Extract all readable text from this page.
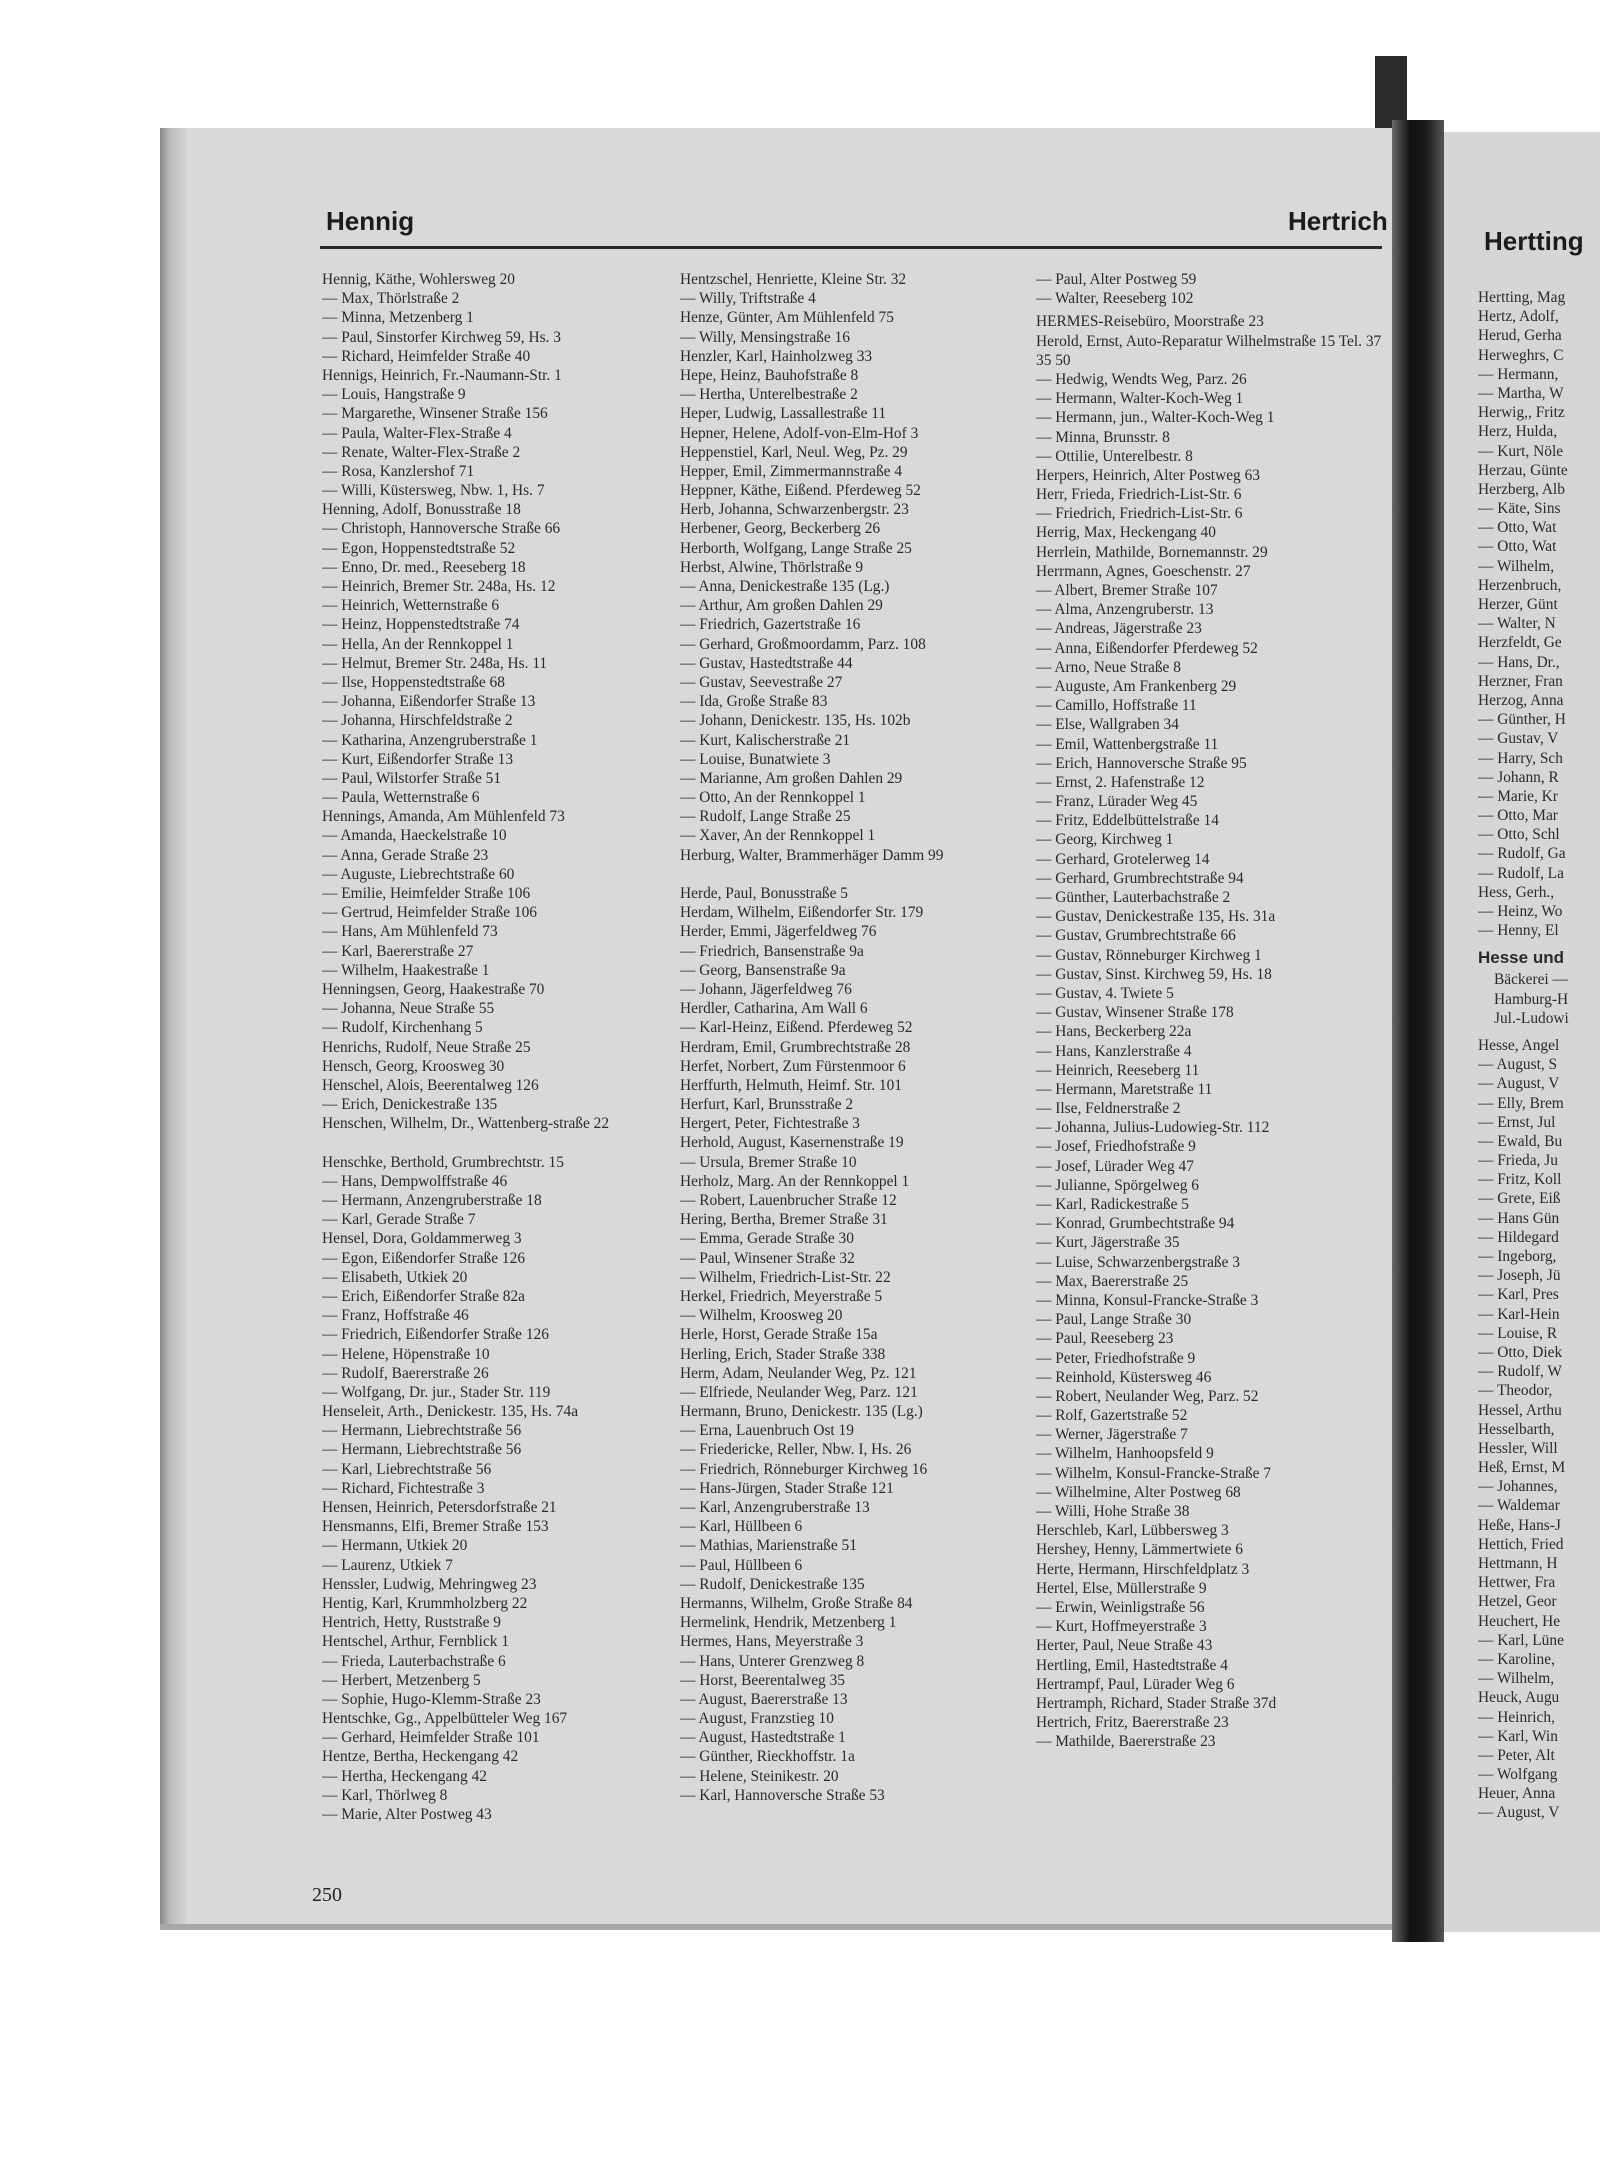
Hennig	Hertrich
Hertting
Hennig, Käthe, Wohlersweg 20
— Max, Thörlstraße 2
— Minna, Metzenberg 1
— Paul, Sinstorfer Kirchweg 59, Hs. 3
— Richard, Heimfelder Straße 40
Hennigs, Heinrich, Fr.-Naumann-Str. 1
— Louis, Hangstraße 9
— Margarethe, Winsener Straße 156
— Paula, Walter-Flex-Straße 4
— Renate, Walter-Flex-Straße 2
— Rosa, Kanzlershof 71
— Willi, Küstersweg, Nbw. 1, Hs. 7
Henning, Adolf, Bonusstraße 18
— Christoph, Hannoversche Straße 66
— Egon, Hoppenstedtstraße 52
— Enno, Dr. med., Reeseberg 18
— Heinrich, Bremer Str. 248a, Hs. 12
— Heinrich, Wetternstraße 6
— Heinz, Hoppenstedtstraße 74
— Hella, An der Rennkoppel 1
— Helmut, Bremer Str. 248a, Hs. 11
— Ilse, Hoppenstedtstraße 68
— Johanna, Eißendorfer Straße 13
— Johanna, Hirschfeldstraße 2
— Katharina, Anzengruberstraße 1
— Kurt, Eißendorfer Straße 13
— Paul, Wilstorfer Straße 51
— Paula, Wetternstraße 6
Hennings, Amanda, Am Mühlenfeld 73
— Amanda, Haeckelstraße 10
— Anna, Gerade Straße 23
— Auguste, Liebrechtstraße 60
— Emilie, Heimfelder Straße 106
— Gertrud, Heimfelder Straße 106
— Hans, Am Mühlenfeld 73
— Karl, Baererstraße 27
— Wilhelm, Haakestraße 1
Henningsen, Georg, Haakestraße 70
— Johanna, Neue Straße 55
— Rudolf, Kirchenhang 5
Henrichs, Rudolf, Neue Straße 25
Hensch, Georg, Kroosweg 30
Henschel, Alois, Beerentalweg 126
— Erich, Denickestraße 135
Henschen, Wilhelm, Dr., Wattenberg-straße 22
Henschke, Berthold, Grumbrechtstr. 15
— Hans, Dempwolffstraße 46
— Hermann, Anzengruberstraße 18
— Karl, Gerade Straße 7
Hensel, Dora, Goldammerweg 3
— Egon, Eißendorfer Straße 126
— Elisabeth, Utkiek 20
— Erich, Eißendorfer Straße 82a
— Franz, Hoffstraße 46
— Friedrich, Eißendorfer Straße 126
— Helene, Höpenstraße 10
— Rudolf, Baererstraße 26
— Wolfgang, Dr. jur., Stader Str. 119
Henseleit, Arth., Denickestr. 135, Hs. 74a
— Hermann, Liebrechtstraße 56
— Hermann, Liebrechtstraße 56
— Karl, Liebrechtstraße 56
— Richard, Fichtestraße 3
Hensen, Heinrich, Petersdorfstraße 21
Hensmanns, Elfi, Bremer Straße 153
— Hermann, Utkiek 20
— Laurenz, Utkiek 7
Henssler, Ludwig, Mehringweg 23
Hentig, Karl, Krummholzberg 22
Hentrich, Hetty, Ruststraße 9
Hentschel, Arthur, Fernblick 1
— Frieda, Lauterbachstraße 6
— Herbert, Metzenberg 5
— Sophie, Hugo-Klemm-Straße 23
Hentschke, Gg., Appelbütteler Weg 167
— Gerhard, Heimfelder Straße 101
Hentze, Bertha, Heckengang 42
— Hertha, Heckengang 42
— Karl, Thörlweg 8
— Marie, Alter Postweg 43
Hentzschel, Henriette, Kleine Str. 32
— Willy, Triftstraße 4
Henze, Günter, Am Mühlenfeld 75
— Willy, Mensingstraße 16
Henzler, Karl, Hainholzweg 33
Hepe, Heinz, Bauhofstraße 8
— Hertha, Unterelbestraße 2
Heper, Ludwig, Lassallestraße 11
Hepner, Helene, Adolf-von-Elm-Hof 3
Heppenstiel, Karl, Neul. Weg, Pz. 29
Hepper, Emil, Zimmermannstraße 4
Heppner, Käthe, Eißend. Pferdeweg 52
Herb, Johanna, Schwarzenbergstr. 23
Herbener, Georg, Beckerberg 26
Herborth, Wolfgang, Lange Straße 25
Herbst, Alwine, Thörlstraße 9
— Anna, Denickestraße 135 (Lg.)
— Arthur, Am großen Dahlen 29
— Friedrich, Gazertstraße 16
— Gerhard, Großmoordamm, Parz. 108
— Gustav, Hastedtstraße 44
— Gustav, Seevestraße 27
— Ida, Große Straße 83
— Johann, Denickestr. 135, Hs. 102b
— Kurt, Kalischerstraße 21
— Louise, Bunatwiete 3
— Marianne, Am großen Dahlen 29
— Otto, An der Rennkoppel 1
— Rudolf, Lange Straße 25
— Xaver, An der Rennkoppel 1
Herburg, Walter, Brammerhäger Damm 99
Herde, Paul, Bonusstraße 5
Herdam, Wilhelm, Eißendorfer Str. 179
Herder, Emmi, Jägerfeldweg 76
— Friedrich, Bansenstraße 9a
— Georg, Bansenstraße 9a
— Johann, Jägerfeldweg 76
Herdler, Catharina, Am Wall 6
— Karl-Heinz, Eißend. Pferdeweg 52
Herdram, Emil, Grumbrechtstraße 28
Herfet, Norbert, Zum Fürstenmoor 6
Herffurth, Helmuth, Heimf. Str. 101
Herfurt, Karl, Brunsstraße 2
Hergert, Peter, Fichtestraße 3
Herhold, August, Kasernenstraße 19
— Ursula, Bremer Straße 10
Herholz, Marg. An der Rennkoppel 1
— Robert, Lauenbrucher Straße 12
Hering, Bertha, Bremer Straße 31
— Emma, Gerade Straße 30
— Paul, Winsener Straße 32
— Wilhelm, Friedrich-List-Str. 22
Herkel, Friedrich, Meyerstraße 5
— Wilhelm, Kroosweg 20
Herle, Horst, Gerade Straße 15a
Herling, Erich, Stader Straße 338
Herm, Adam, Neulander Weg, Pz. 121
— Elfriede, Neulander Weg, Parz. 121
Hermann, Bruno, Denickestr. 135 (Lg.)
— Erna, Lauenbruch Ost 19
— Friedericke, Reller, Nbw. I, Hs. 26
— Friedrich, Rönneburger Kirchweg 16
— Hans-Jürgen, Stader Straße 121
— Karl, Anzengruberstraße 13
— Karl, Hüllbeen 6
— Mathias, Marienstraße 51
— Paul, Hüllbeen 6
— Rudolf, Denickestraße 135
Hermanns, Wilhelm, Große Straße 84
Hermelink, Hendrik, Metzenberg 1
Hermes, Hans, Meyerstraße 3
— Hans, Unterer Grenzweg 8
— Horst, Beerentalweg 35
— August, Baererstraße 13
— August, Franzstieg 10
— August, Hastedtstraße 1
— Günther, Rieckhoffstr. 1a
— Helene, Steinikestr. 20
— Karl, Hannoversche Straße 53
— Paul, Alter Postweg 59
— Walter, Reeseberg 102
HERMES-Reisebüro, Moorstraße 23
Herold, Ernst, Auto-Reparatur Wilhelmstraße 15 Tel. 37 35 50
— Hedwig, Wendts Weg, Parz. 26
— Hermann, Walter-Koch-Weg 1
— Hermann, jun., Walter-Koch-Weg 1
— Minna, Brunsstr. 8
— Ottilie, Unterelbestr. 8
Herpers, Heinrich, Alter Postweg 63
Herr, Frieda, Friedrich-List-Str. 6
— Friedrich, Friedrich-List-Str. 6
Herrig, Max, Heckengang 40
Herrlein, Mathilde, Bornemannstr. 29
Herrmann, Agnes, Goeschenstr. 27
— Albert, Bremer Straße 107
— Alma, Anzengruberstr. 13
— Andreas, Jägerstraße 23
— Anna, Eißendorfer Pferdeweg 52
— Arno, Neue Straße 8
— Auguste, Am Frankenberg 29
— Camillo, Hoffstraße 11
— Else, Wallgraben 34
— Emil, Wattenbergstraße 11
— Erich, Hannoversche Straße 95
— Ernst, 2. Hafenstraße 12
— Franz, Lürader Weg 45
— Fritz, Eddelbüttelstraße 14
— Georg, Kirchweg 1
— Gerhard, Grotelerweg 14
— Gerhard, Grumbrechtstraße 94
— Günther, Lauterbachstraße 2
— Gustav, Denickestraße 135, Hs. 31a
— Gustav, Grumbrechtstraße 66
— Gustav, Rönneburger Kirchweg 1
— Gustav, Sinst. Kirchweg 59, Hs. 18
— Gustav, 4. Twiete 5
— Gustav, Winsener Straße 178
— Hans, Beckerberg 22a
— Hans, Kanzlerstraße 4
— Heinrich, Reeseberg 11
— Hermann, Maretstraße 11
— Ilse, Feldnerstraße 2
— Johanna, Julius-Ludowieg-Str. 112
— Josef, Friedhofstraße 9
— Josef, Lürader Weg 47
— Julianne, Spörgelweg 6
— Karl, Radickestraße 5
— Konrad, Grumbechtstraße 94
— Kurt, Jägerstraße 35
— Luise, Schwarzenbergstraße 3
— Max, Baererstraße 25
— Minna, Konsul-Francke-Straße 3
— Paul, Lange Straße 30
— Paul, Reeseberg 23
— Peter, Friedhofstraße 9
— Reinhold, Küstersweg 46
— Robert, Neulander Weg, Parz. 52
— Rolf, Gazertstraße 52
— Werner, Jägerstraße 7
— Wilhelm, Hanhoopsfeld 9
— Wilhelm, Konsul-Francke-Straße 7
— Wilhelmine, Alter Postweg 68
— Willi, Hohe Straße 38
Herschleb, Karl, Lübbersweg 3
Hershey, Henny, Lämmertwiete 6
Herte, Hermann, Hirschfeldplatz 3
Hertel, Else, Müllerstraße 9
— Erwin, Weinligstraße 56
— Kurt, Hoffmeyerstraße 3
Herter, Paul, Neue Straße 43
Hertling, Emil, Hastedtstraße 4
Hertrampf, Paul, Lürader Weg 6
Hertramph, Richard, Stader Straße 37d
Hertrich, Fritz, Baererstraße 23
— Mathilde, Baererstraße 23
Hertting, Mag
Hertz, Adolf,
Herud, Gerha
Herweghrs, C
— Hermann,
— Martha, W
Herwig,, Fritz
Herz, Hulda,
— Kurt, Nöle
Herzau, Günte
Herzberg, Alb
— Käte, Sins
— Otto, Wat
— Otto, Wat
— Wilhelm,
Herzenbruch,
Herzer, Günt
— Walter, N
Herzfeldt, Ge
— Hans, Dr.,
Herzner, Fran
Herzog, Anna
— Günther, H
— Gustav, V
— Harry, Sch
— Johann, R
— Marie, Kr
— Otto, Mar
— Otto, Schl
— Rudolf, Ga
— Rudolf, La
Hess, Gerh.,
— Heinz, Wo
— Henny, El
Hesse und
Bäckerei —
Hamburg-H
Jul.-Ludowi
Hesse, Angel
— August, S
— August, V
— Elly, Brem
— Ernst, Jul
— Ewald, Bu
— Frieda, Ju
— Fritz, Koll
— Grete, Eiß
— Hans Gün
— Hildegard
— Ingeborg,
— Joseph, Jü
— Karl, Pres
— Karl-Hein
— Louise, R
— Otto, Diek
— Rudolf, W
— Theodor,
Hessel, Arthu
Hesselbarth,
Hessler, Will
Heß, Ernst, M
— Johannes,
— Waldemar
Heße, Hans-J
Hettich, Fried
Hettmann, H
Hettwer, Fra
Hetzel, Geor
Heuchert, He
— Karl, Lüne
— Karoline,
— Wilhelm,
Heuck, Augu
— Heinrich,
— Karl, Win
— Peter, Alt
— Wolfgang
Heuer, Anna
— August, V
250
